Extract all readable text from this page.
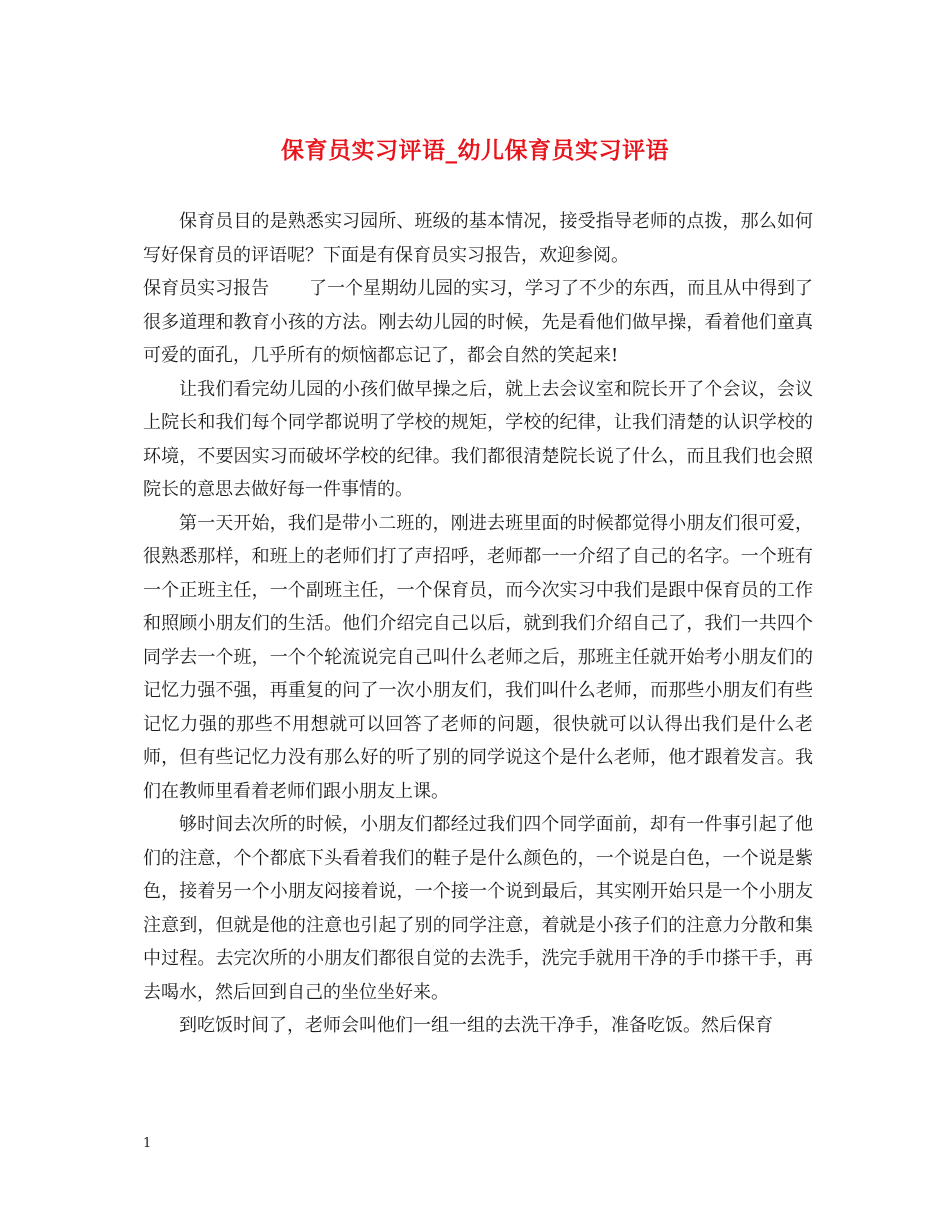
保育员实习评语_幼儿保育员实习评语

保育员目的是熟悉实习园所、班级的基本情况，接受指导老师的点拨，那么如何写好保育员的评语呢？下面是有保育员实习报告，欢迎参阅。

保育员实习报告 了一个星期幼儿园的实习，学习了不少的东西，而且从中得到了很多道理和教育小孩的方法。刚去幼儿园的时候，先是看他们做早操，看着他们童真可爱的面孔，几乎所有的烦恼都忘记了，都会自然的笑起来!

让我们看完幼儿园的小孩们做早操之后，就上去会议室和院长开了个会议，会议上院长和我们每个同学都说明了学校的规矩，学校的纪律，让我们清楚的认识学校的环境，不要因实习而破坏学校的纪律。我们都很清楚院长说了什么，而且我们也会照院长的意思去做好每一件事情的。

第一天开始，我们是带小二班的，刚进去班里面的时候都觉得小朋友们很可爱，很熟悉那样，和班上的老师们打了声招呼，老师都一一介绍了自己的名字。一个班有一个正班主任，一个副班主任，一个保育员，而今次实习中我们是跟中保育员的工作和照顾小朋友们的生活。他们介绍完自己以后，就到我们介绍自己了，我们一共四个同学去一个班，一个个轮流说完自己叫什么老师之后，那班主任就开始考小朋友们的记忆力强不强，再重复的问了一次小朋友们，我们叫什么老师，而那些小朋友们有些记忆力强的那些不用想就可以回答了老师的问题，很快就可以认得出我们是什么老师，但有些记忆力没有那么好的听了别的同学说这个是什么老师，他才跟着发言。我们在教师里看着老师们跟小朋友上课。

够时间去次所的时候，小朋友们都经过我们四个同学面前，却有一件事引起了他们的注意，个个都底下头看着我们的鞋子是什么颜色的，一个说是白色，一个说是紫色，接着另一个小朋友闷接着说，一个接一个说到最后，其实刚开始只是一个小朋友注意到，但就是他的注意也引起了别的同学注意，着就是小孩子们的注意力分散和集中过程。去完次所的小朋友们都很自觉的去洗手，洗完手就用干净的手巾搽干手，再去喝水，然后回到自己的坐位坐好来。

到吃饭时间了，老师会叫他们一组一组的去洗干净手，准备吃饭。然后保育

1
